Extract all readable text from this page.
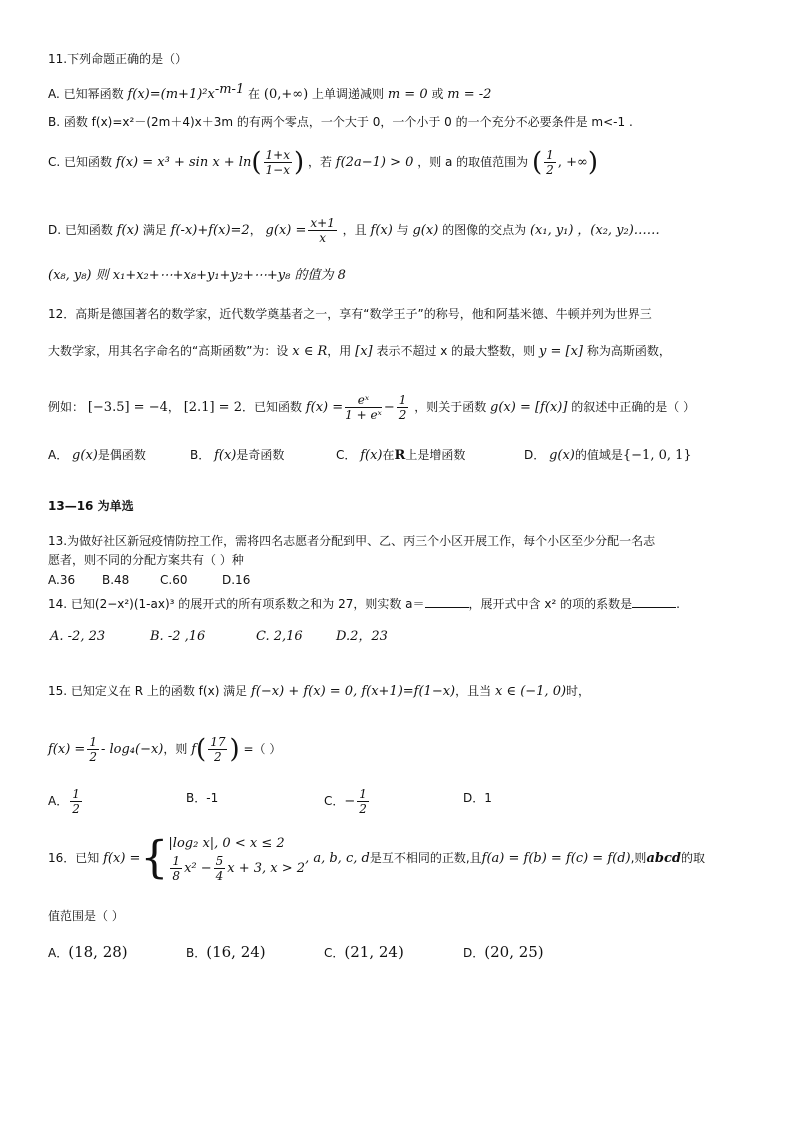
11.下列命题正确的是（）
A. 已知幂函数 $f(x)=(m+1)^2x^{-m-1}$ 在 (0,+∞) 上单调递减则 m = 0 或 m = -2
B. 函数 f(x)=x²－(2m＋4)x＋3m 的有两个零点，一个大于 0，一个小于 0 的一个充分不必要条件是 m<-1 .
C. 已知函数 $f(x) = x^3 + \sin x + \ln( \frac{1+x}{1-x}$ ) ，若 f(2a−1) > 0 ，则 a 的取值范围为 ( $\frac{1}{2}$ , +∞)
D. 已知函数 f(x) 满足 f(-x)+f(x)=2， $g(x) = \frac{x+1}{x}$ ，且 f(x) 与 g(x) 的图像的交点为 (x₁, y₁) ，(x₂, y₂)……
(x₈, y₈) 则 x₁+x₂+⋯+x₈+y₁+y₂+⋯+y₈ 的值为 8
12．高斯是德国著名的数学家，近代数学奠基者之一，享有“数学王子”的称号，他和阿基米德、牛顿并列为世界三
大数学家，用其名字命名的“高斯函数”为：设 x ∈ R，用 [x] 表示不超过 x 的最大整数，则 y = [x] 称为高斯函数，
例如： [−3.5] = −4， [2.1] = 2．已知函数 $f(x) = \frac{\text{eˣ}}{\text{1 + eˣ}} - \frac{1}{2}$ ，则关于函数 g(x) = [f(x)] 的叙述中正确的是（ ）
A． g(x)是偶函数	B． f(x)是奇函数	C． f(x)在R上是增函数	D． g(x)的值域是{−1, 0, 1}
13—16 为单选
13.为做好社区新冠疫情防控工作，需将四名志愿者分配到甲、乙、丙三个小区开展工作，每个小区至少分配一名志
愿者，则不同的分配方案共有（ ）种
A.36 B.48	C.60	D.16
14. 已知(2−x²)(1-ax)³ 的展开式的所有项系数之和为 27，则实数 a＝	，展开式中含 x² 的项的系数是	.
A. -2, 23	B. -2 ,16	C. 2,16	D.2，23
15. 已知定义在 R 上的函数 f(x) 满足 f(−x) + f(x) = 0, f(x+1)=f(1−x)，且当 x ∈ (−1, 0)时，
$f(x) = \frac{1}{2} - \log_4(-x)$，则 $f( \frac{17}{2}$ ) =（ ）
A． $\frac{1}{2}$	B．-1	C．− $\frac{1}{2}$	D．1
16．已知 f(x) ={ |log₂ x|, 0 < x ≤ 2
$\frac{1}{8} x^2 - \frac{5}{4}$ x + 3, x > 2
, a, b, c, d是互不相同的正数,且f(a) = f(b) = f(c) = f(d),则abcd的取
值范围是（ ）
A．(18, 28)	B．(16, 24)	C．(21, 24)	D．(20, 25)
